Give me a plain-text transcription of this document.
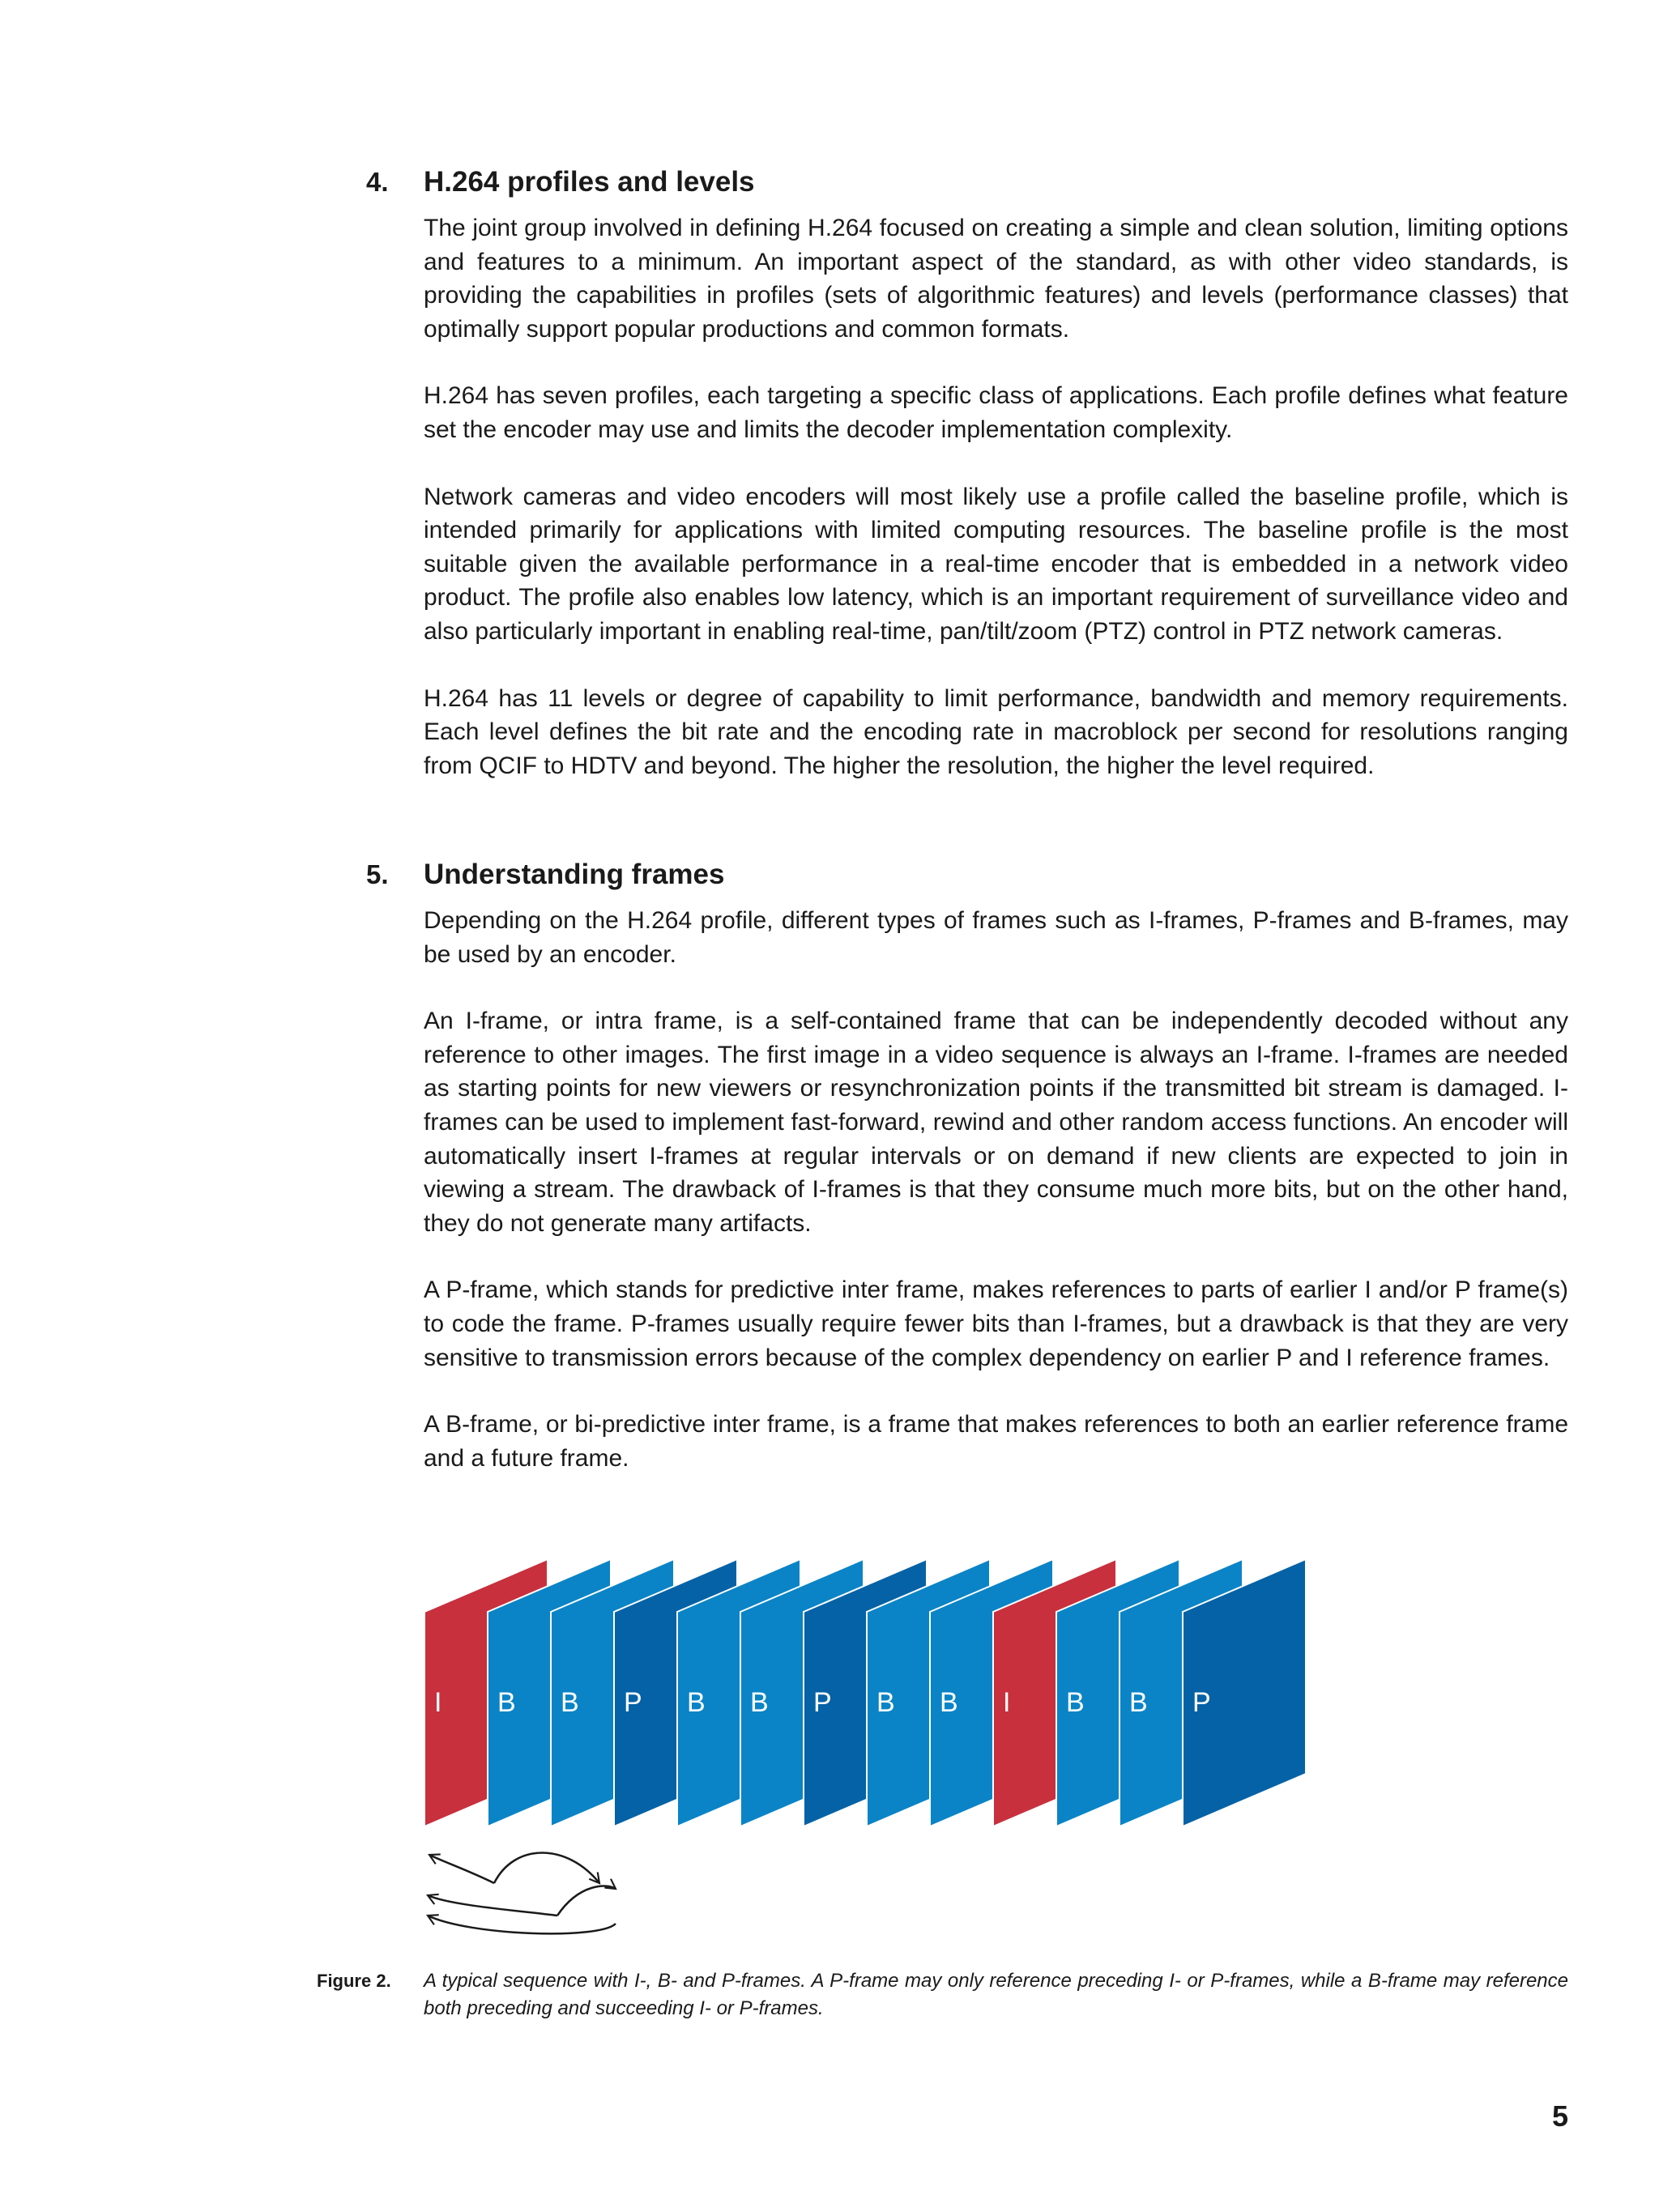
4. H.264 profiles and levels

The joint group involved in defining H.264 focused on creating a simple and clean solution, limiting options and features to a minimum. An important aspect of the standard, as with other video standards, is providing the capabilities in profiles (sets of algorithmic features) and levels (performance classes) that optimally support popular productions and common formats.

H.264 has seven profiles, each targeting a specific class of applications. Each profile defines what feature set the encoder may use and limits the decoder implementation complexity.

Network cameras and video encoders will most likely use a profile called the baseline profile, which is intended primarily for applications with limited computing resources. The baseline profile is the most suitable given the available performance in a real-time encoder that is embedded in a network video product. The profile also enables low latency, which is an important requirement of surveillance video and also particularly important in enabling real-time, pan/tilt/zoom (PTZ) control in PTZ network cameras.

H.264 has 11 levels or degree of capability to limit performance, bandwidth and memory requirements. Each level defines the bit rate and the encoding rate in macroblock per second for resolutions ranging from QCIF to HDTV and beyond. The higher the resolution, the higher the level required.

5. Understanding frames

Depending on the H.264 profile, different types of frames such as I-frames, P-frames and B-frames, may be used by an encoder.

An I-frame, or intra frame, is a self-contained frame that can be independently decoded without any reference to other images. The first image in a video sequence is always an I-frame. I-frames are needed as starting points for new viewers or resynchronization points if the transmitted bit stream is damaged. I-frames can be used to implement fast-forward, rewind and other random access functions. An encoder will automatically insert I-frames at regular intervals or on demand if new clients are expected to join in viewing a stream. The drawback of I-frames is that they consume much more bits, but on the other hand, they do not generate many artifacts.

A P-frame, which stands for predictive inter frame, makes references to parts of earlier I and/or P frame(s) to code the frame. P-frames usually require fewer bits than I-frames, but a drawback is that they are very sensitive to transmission errors because of the complex dependency on earlier P and I reference frames.

A B-frame, or bi-predictive inter frame, is a frame that makes references to both an earlier reference frame and a future frame.

I B B P B B P B B I B B P
Figure 2. A typical sequence with I-, B- and P-frames. A P-frame may only reference preceding I- or P-frames, while a B-frame may reference both preceding and succeeding I- or P-frames.
5
